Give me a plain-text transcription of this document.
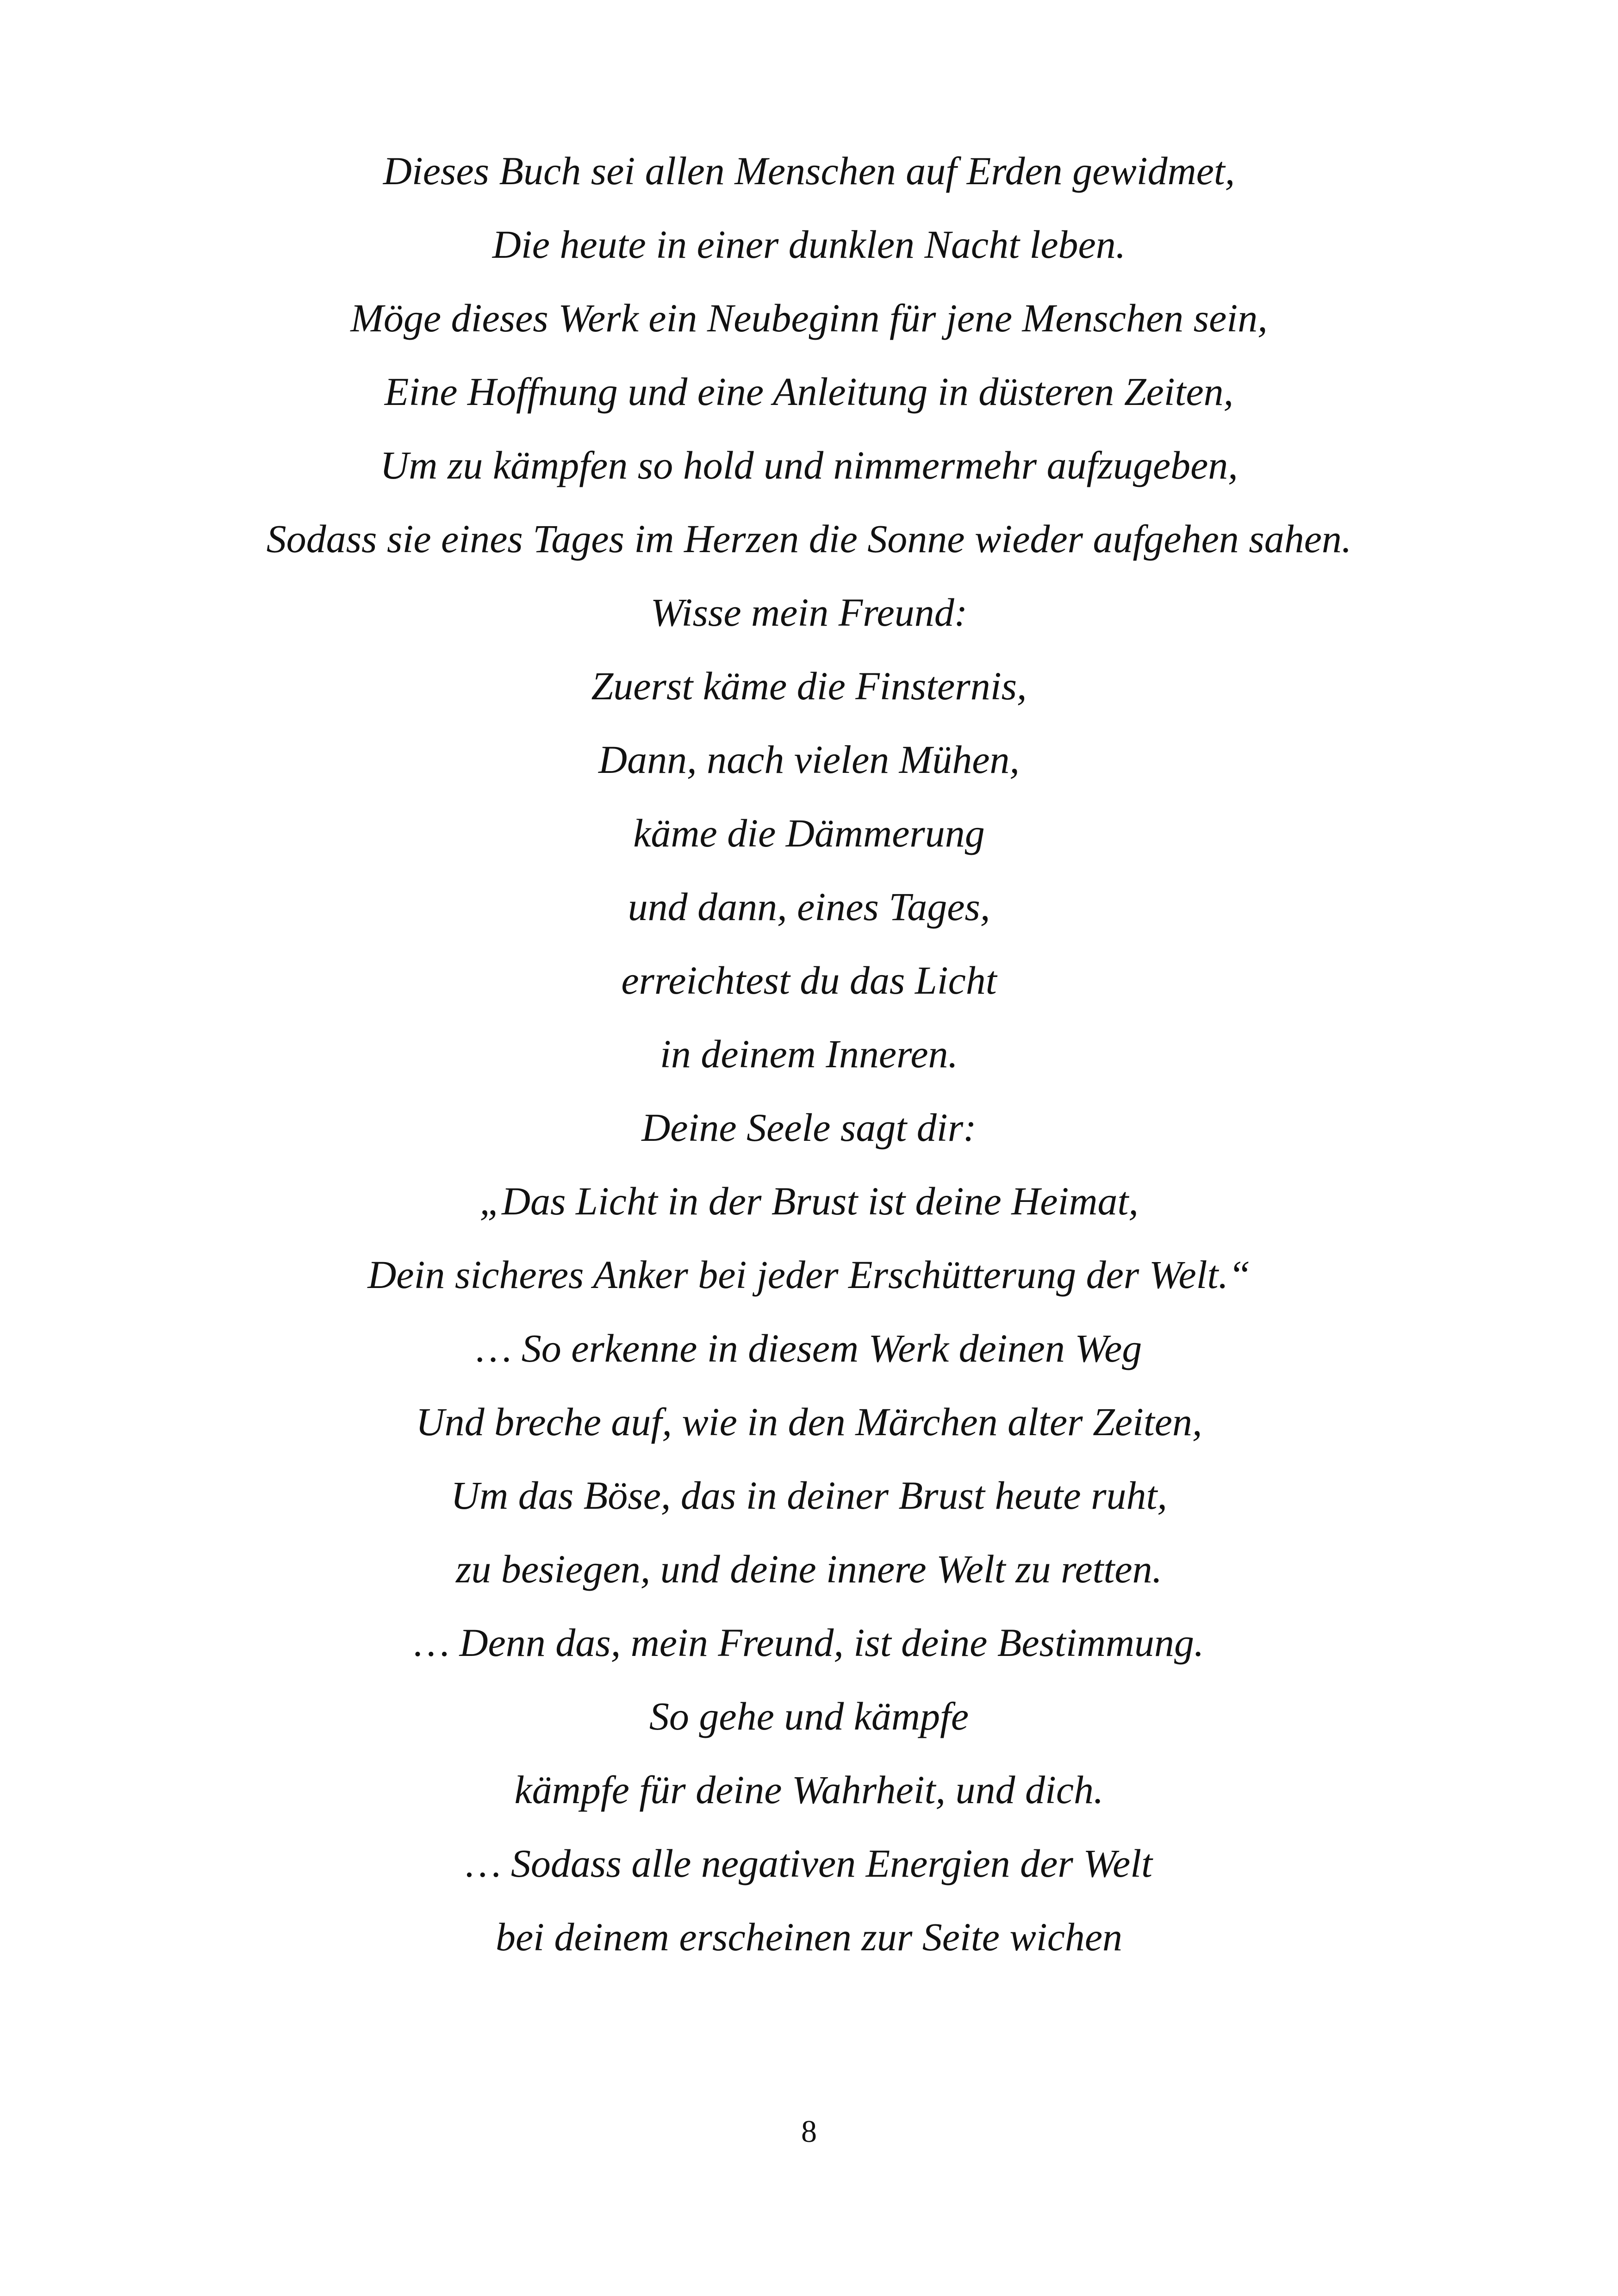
Dieses Buch sei allen Menschen auf Erden gewidmet,
Die heute in einer dunklen Nacht leben.
Möge dieses Werk ein Neubeginn für jene Menschen sein,
Eine Hoffnung und eine Anleitung in düsteren Zeiten,
Um zu kämpfen so hold und nimmermehr aufzugeben,
Sodass sie eines Tages im Herzen die Sonne wieder aufgehen sahen.
Wisse mein Freund:
Zuerst käme die Finsternis,
Dann, nach vielen Mühen,
käme die Dämmerung
und dann, eines Tages,
erreichtest du das Licht
in deinem Inneren.
Deine Seele sagt dir:
„Das Licht in der Brust ist deine Heimat,
Dein sicheres Anker bei jeder Erschütterung der Welt.“
… So erkenne in diesem Werk deinen Weg
Und breche auf, wie in den Märchen alter Zeiten,
Um das Böse, das in deiner Brust heute ruht,
zu besiegen, und deine innere Welt zu retten.
… Denn das, mein Freund, ist deine Bestimmung.
So gehe und kämpfe
kämpfe für deine Wahrheit, und dich.
… Sodass alle negativen Energien der Welt
bei deinem erscheinen zur Seite wichen
8
